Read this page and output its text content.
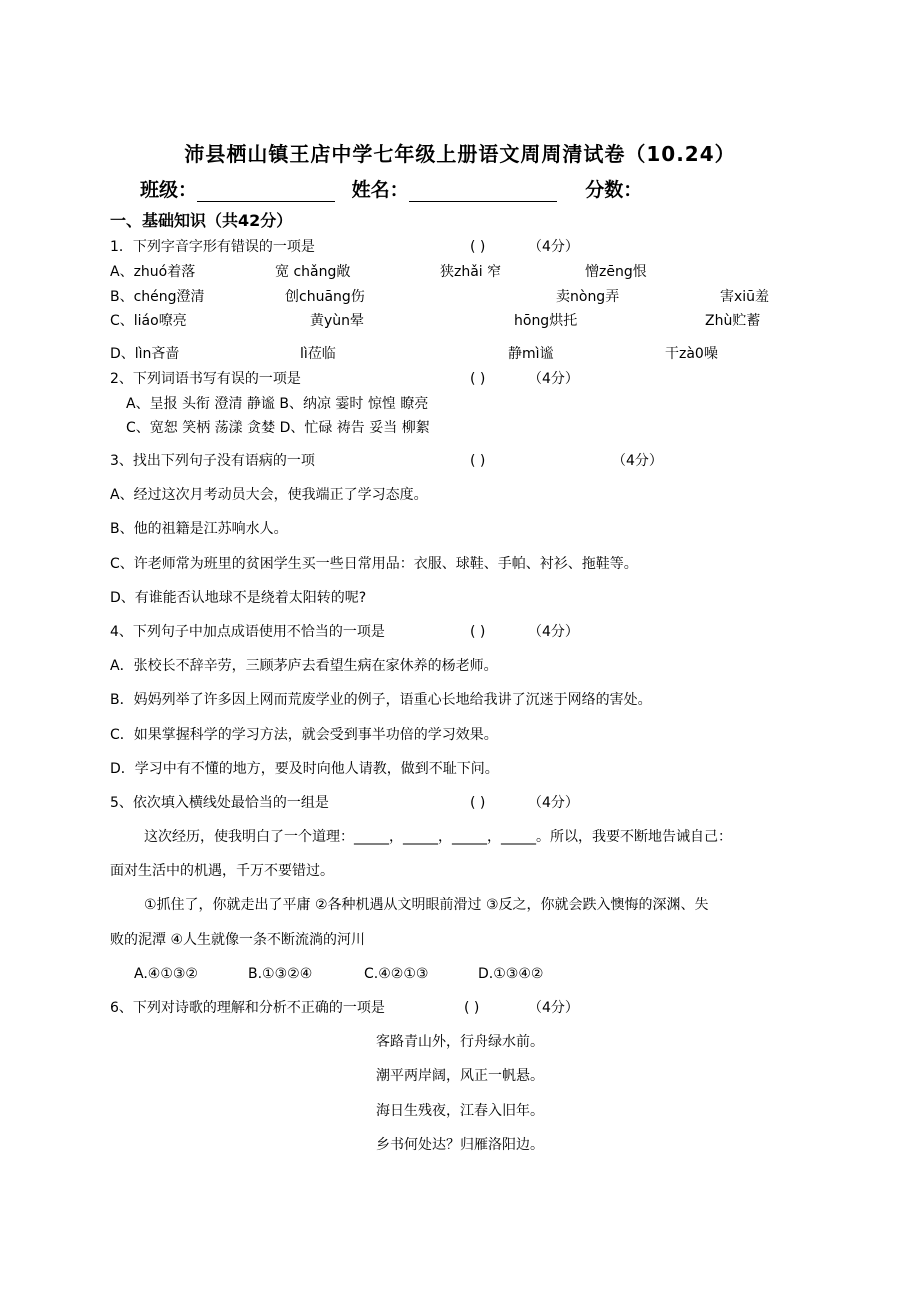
沛县栖山镇王店中学七年级上册语文周周清试卷（10.24）
班级：	姓名：	分数：
一、基础知识（共42分）
1．下列字音字形有错误的一项是	( )	（4分）
A、zhuó着落	宽 chǎng敞	狭zhǎi 窄	憎zēng恨
B、chéng澄清	创chuāng伤	卖nòng弄	害xiū羞
C、liáo嘹亮	黄yùn晕	hōng烘托	Zhù贮蓄
D、lìn吝啬	lì莅临	静mì谧	干zà0噪
2、下列词语书写有误的一项是	( )	（4分）
A、呈报 头衔 澄清 静谧 B、纳凉 霎时 惊惶 瞭亮
C、宽恕 笑柄 荡漾 贪婪 D、忙碌 祷告 妥当 柳絮
3、找出下列句子没有语病的一项	( )	（4分）
A、经过这次月考动员大会，使我端正了学习态度。
B、他的祖籍是江苏响水人。
C、许老师常为班里的贫困学生买一些日常用品：衣服、球鞋、手帕、衬衫、拖鞋等。
D、有谁能否认地球不是绕着太阳转的呢?
4、下列句子中加点成语使用不恰当的一项是	( )	（4分）
A．张校长不辞辛劳，三顾茅庐去看望生病在家休养的杨老师。
B．妈妈列举了许多因上网而荒废学业的例子，语重心长地给我讲了沉迷于网络的害处。
C．如果掌握科学的学习方法，就会受到事半功倍的学习效果。
D．学习中有不懂的地方，要及时向他人请教，做到不耻下问。
5、依次填入横线处最恰当的一组是	( )	（4分）
这次经历，使我明白了一个道理：_____，_____，_____，_____。所以，我要不断地告诫自己：
面对生活中的机遇，千万不要错过。
①抓住了，你就走出了平庸 ②各种机遇从文明眼前滑过 ③反之，你就会跌入懊悔的深渊、失
败的泥潭 ④人生就像一条不断流淌的河川
A.④①③②	B.①③②④	C.④②①③	D.①③④②
6、下列对诗歌的理解和分析不正确的一项是	( )	（4分）
客路青山外，行舟绿水前。
潮平两岸阔，风正一帆悬。
海日生残夜，江春入旧年。
乡书何处达？归雁洛阳边。
